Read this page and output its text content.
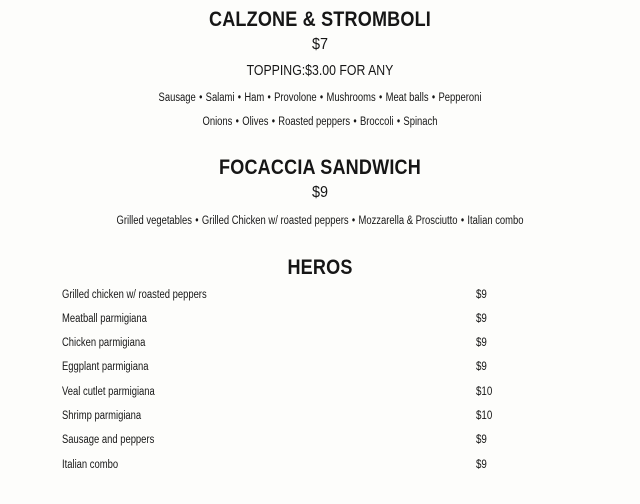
CALZONE & STROMBOLI
$7
TOPPING:$3.00 FOR ANY
Sausage • Salami • Ham • Provolone • Mushrooms • Meat balls • Pepperoni
Onions • Olives • Roasted peppers • Broccoli • Spinach
FOCACCIA SANDWICH
$9
Grilled vegetables • Grilled Chicken w/ roasted peppers • Mozzarella & Prosciutto • Italian combo
HEROS
Grilled chicken w/ roasted peppers	$9
Meatball parmigiana	$9
Chicken parmigiana	$9
Eggplant parmigiana	$9
Veal cutlet parmigiana	$10
Shrimp parmigiana	$10
Sausage and peppers	$9
Italian combo	$9
